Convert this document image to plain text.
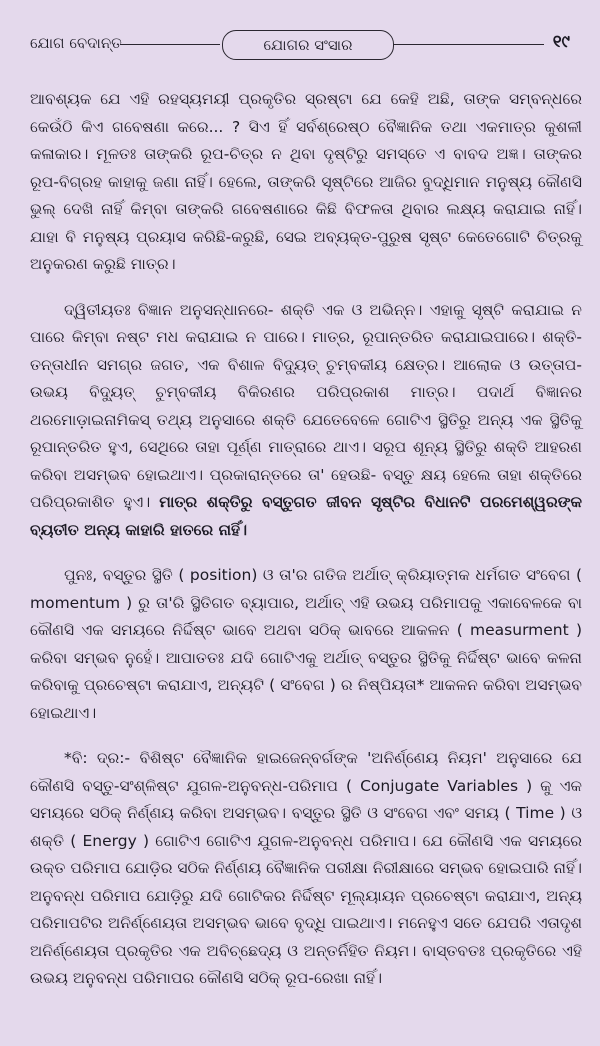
ଯୋଗ ବେଦାନ୍ତ	ଯୋଗର ସଂସାର	୧୯

ଆବଶ୍ୟକ ଯେ ଏହି ରହସ୍ୟମୟୀ ପ୍ରକୃତିର ସ୍ରଷ୍ଟା ଯେ କେହି ଅଛି, ତାଙ୍କ ସମ୍ବନ୍ଧରେ କେଉଁଠି କିଏ ଗବେଷଣା କରେ... ? ସିଏ ହିଁ ସର୍ବଶ୍ରେଷ୍ଠ ବୈଜ୍ଞାନିକ ତଥା ଏକମାତ୍ର କୁଶଳୀ କଳାକାର। ମୂଳତଃ ତାଙ୍କରି ରୂପ-ଚିତ୍ର ନ ଥିବା ଦୃଷ୍ଟିରୁ ସମସ୍ତେ ଏ ବାବଦ ଅଜ୍ଞ। ତାଙ୍କର ରୂପ-ବିଗ୍ରହ କାହାକୁ ଜଣା ନାହିଁ। ହେଲେ, ତାଙ୍କରି ସୃଷ୍ଟିରେ ଆଜିର ବୁଦ୍ଧିମାନ ମନୁଷ୍ୟ କୌଣସି ଭୁଲ୍ ଦେଖି ନାହିଁ କିମ୍ବା ତାଙ୍କରି ଗବେଷଣାରେ କିଛି ବିଫଳତା ଥିବାର ଲକ୍ଷ୍ୟ କରାଯାଇ ନାହିଁ। ଯାହା ବି ମନୁଷ୍ୟ ପ୍ରୟାସ କରିଛି-କରୁଛି, ସେଇ ଅବ୍ୟକ୍ତ-ପୁରୁଷ ସୃଷ୍ଟ କେତେଗୋଟି ଚିତ୍ରକୁ ଅନୁକରଣ କରୁଛି ମାତ୍ର।

ଦ୍ୱିତୀୟତଃ ବିଜ୍ଞାନ ଅନୁସନ୍ଧାନରେ- ଶକ୍ତି ଏକ ଓ ଅଭିନ୍ନ। ଏହାକୁ ସୃଷ୍ଟି କରାଯାଇ ନ ପାରେ କିମ୍ବା ନଷ୍ଟ ମଧ କରାଯାଇ ନ ପାରେ। ମାତ୍ର, ରୂପାନ୍ତରିତ କରାଯାଇପାରେ। ଶକ୍ତି-ତନ୍ତାଧୀନ ସମଗ୍ର ଜଗତ, ଏକ ବିଶାଳ ବିଦ୍ୟୁତ୍ ଚୁମ୍ବକୀୟ କ୍ଷେତ୍ର। ଆଲୋକ ଓ ଉତ୍ତାପ-ଉଭୟ ବିଦ୍ୟୁତ୍ ଚୁମ୍ବକୀୟ ବିକିରଣର ପରିପ୍ରକାଶ ମାତ୍ର। ପଦାର୍ଥ ବିଜ୍ଞାନର ଥରମୋଡ଼ାଇନାମିକସ୍ ତଥ୍ୟ ଅନୁସାରେ ଶକ୍ତି ଯେତେବେଳେ ଗୋଟିଏ ସ୍ଥିତିରୁ ଅନ୍ୟ ଏକ ସ୍ଥିତିକୁ ରୂପାନ୍ତରିତ ହୁଏ, ସେଥିରେ ତାହା ପୂର୍ଣ୍ଣ ମାତ୍ରାରେ ଥାଏ। ସରୂପ ଶୂନ୍ୟ ସ୍ଥିତିରୁ ଶକ୍ତି ଆହରଣ କରିବା ଅସମ୍ଭବ ହୋଇଥାଏ। ପ୍ରକାରାନ୍ତରେ ତା' ହେଉଛି- ବସ୍ତୁ କ୍ଷୟ ହେଲେ ତାହା ଶକ୍ତିରେ ପରିପ୍ରକାଶିତ ହୁଏ। ମାତ୍ର ଶକ୍ତିରୁ ବସ୍ତୁଗତ ଜୀବନ ସୃଷ୍ଟିର ବିଧାନଟି ପରମେଶ୍ୱରଙ୍କ ବ୍ୟତୀତ ଅନ୍ୟ କାହାରି ହାତରେ ନାହିଁ।

ପୁନଃ, ବସ୍ତୁର ସ୍ଥିତି ( position) ଓ ତା'ର ଗତିଜ ଅର୍ଥାତ୍ କ୍ରିୟାତ୍ମକ ଧର୍ମଗତ ସଂବେଗ ( momentum ) ରୁ ତା'ରି ସ୍ଥିତିଗତ ବ୍ୟାପାର, ଅର୍ଥାତ୍ ଏହି ଉଭୟ ପରିମାପକୁ ଏକାବେଳକେ ବା କୌଣସି ଏକ ସମୟରେ ନିର୍ଦ୍ଦିଷ୍ଟ ଭାବେ ଅଥବା ସଠିକ୍ ଭାବରେ ଆକଳନ ( measurment ) କରିବା ସମ୍ଭବ ନୁହେଁ। ଆପାତତଃ ଯଦି ଗୋଟିଏକୁ ଅର୍ଥାତ୍ ବସ୍ତୁର ସ୍ଥିତିକୁ ନିର୍ଦ୍ଦିଷ୍ଟ ଭାବେ କଳନା କରିବାକୁ ପ୍ରଚେଷ୍ଟା କରାଯାଏ, ଅନ୍ୟଟି ( ସଂବେଗ ) ର ନିଷ୍ପିୟତା* ଆକଳନ କରିବା ଅସମ୍ଭବ ହୋଇଥାଏ।

*ବି: ଦ୍ର:- ବିଶିଷ୍ଟ ବୈଜ୍ଞାନିକ ହାଇଜେନ୍‌ବର୍ଗଙ୍କ 'ଅନିର୍ଣ୍ଣେୟ ନିୟମ' ଅନୁସାରେ ଯେ କୌଣସି ବସ୍ତୁ-ସଂଶ୍ଳିଷ୍ଟ ଯୁଗଳ-ଅନୁବନ୍ଧ-ପରିମାପ ( Conjugate Variables ) କୁ ଏକ ସମୟରେ ସଠିକ୍ ନିର୍ଣ୍ଣୟ କରିବା ଅସମ୍ଭବ। ବସ୍ତୁର ସ୍ଥିତି ଓ ସଂବେଗ ଏବଂ ସମୟ ( Time ) ଓ ଶକ୍ତି ( Energy ) ଗୋଟିଏ ଗୋଟିଏ ଯୁଗଳ-ଅନୁବନ୍ଧ ପରିମାପ। ଯେ କୌଣସି ଏକ ସମୟରେ ଉକ୍ତ ପରିମାପ ଯୋଡ଼ିର ସଠିକ ନିର୍ଣ୍ଣୟ ବୈଜ୍ଞାନିକ ପରୀକ୍ଷା ନିରୀକ୍ଷାରେ ସମ୍ଭବ ହୋଇପାରି ନାହିଁ। ଅନୁବନ୍ଧ ପରିମାପ ଯୋଡ଼ିରୁ ଯଦି ଗୋଟିକର ନିର୍ଦ୍ଦିଷ୍ଟ ମୂଲ୍ୟାୟନ ପ୍ରଚେଷ୍ଟା କରାଯାଏ, ଅନ୍ୟ ପରିମାପଟିର ଅନିର୍ଣ୍ଣେୟତା ଅସମ୍ଭବ ଭାବେ ବୃଦ୍ଧି ପାଇଥାଏ। ମନେହୁଏ ସତେ ଯେପରି ଏତାଦୃଶ ଅନିର୍ଣ୍ଣେୟତା ପ୍ରକୃତିର ଏକ ଅବିଚ୍ଛେଦ୍ୟ ଓ ଅନ୍ତର୍ନିହିତ ନିୟମ। ବାସ୍ତବତଃ ପ୍ରକୃତିରେ ଏହି ଉଭୟ ଅନୁବନ୍ଧ ପରିମାପର କୌଣସି ସଠିକ୍ ରୂପ-ରେଖା ନାହିଁ।
